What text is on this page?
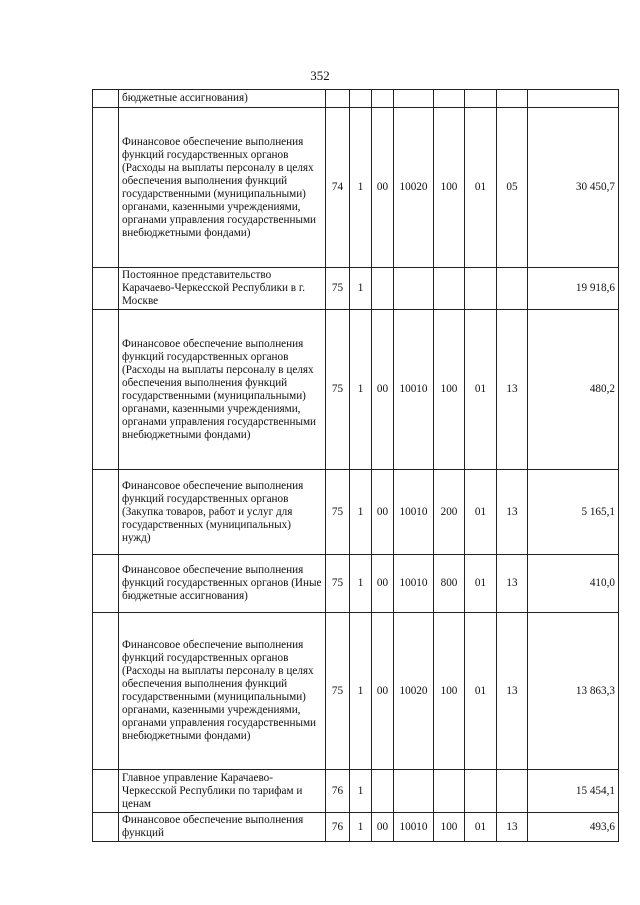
352
	бюджетные ассигнования)								
	Финансовое обеспечение выполнения функций государственных органов (Расходы на выплаты персоналу в целях обеспечения выполнения функций государственными (муниципальными) органами, казенными учреждениями, органами управления государственными внебюджетными фондами)	74	1	00	10020	100	01	05	30 450,7
	Постоянное представительство Карачаево-Черкесской Республики в г. Москве	75	1						19 918,6
	Финансовое обеспечение выполнения функций государственных органов (Расходы на выплаты персоналу в целях обеспечения выполнения функций государственными (муниципальными) органами, казенными учреждениями, органами управления государственными внебюджетными фондами)	75	1	00	10010	100	01	13	480,2
	Финансовое обеспечение выполнения функций государственных органов (Закупка товаров, работ и услуг для государственных (муниципальных) нужд)	75	1	00	10010	200	01	13	5 165,1
	Финансовое обеспечение выполнения функций государственных органов (Иные бюджетные ассигнования)	75	1	00	10010	800	01	13	410,0
	Финансовое обеспечение выполнения функций государственных органов (Расходы на выплаты персоналу в целях обеспечения выполнения функций государственными (муниципальными) органами, казенными учреждениями, органами управления государственными внебюджетными фондами)	75	1	00	10020	100	01	13	13 863,3
	Главное управление Карачаево-Черкесской Республики по тарифам и ценам	76	1						15 454,1
	Финансовое обеспечение выполнения функций	76	1	00	10010	100	01	13	493,6
